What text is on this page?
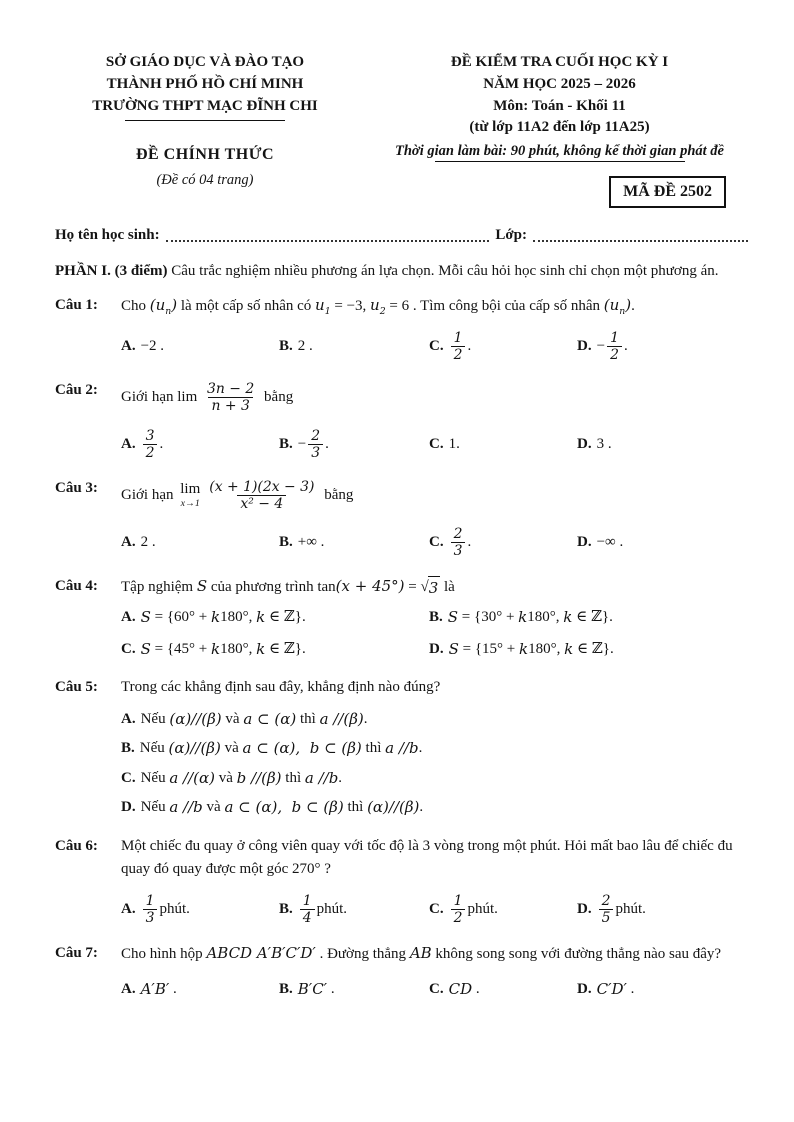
SỞ GIÁO DỤC VÀ ĐÀO TẠO
THÀNH PHỐ HỒ CHÍ MINH
TRƯỜNG THPT MẠC ĐĨNH CHI
ĐỀ CHÍNH THỨC
(Đề có 04 trang)
ĐỀ KIỂM TRA CUỐI HỌC KỲ I
NĂM HỌC 2025 – 2026
Môn: Toán - Khối 11
(từ lớp 11A2 đến lớp 11A25)
Thời gian làm bài: 90 phút, không kể thời gian phát đề
MÃ ĐỀ 2502
Họ tên học sinh:	Lớp:

PHẦN I. (3 điểm) Câu trắc nghiệm nhiều phương án lựa chọn. Mỗi câu hỏi học sinh chỉ chọn một phương án.

Câu 1: Cho $(u_n)$ là một cấp số nhân có $u_1 = -3$, $u_2 = 6$ . Tìm công bội của cấp số nhân $(u_n)$.
A. −2 .	B. 2 .	C. $\frac{1}{2}$ .	D. − $\frac{1}{2}$ .
Câu 2: Giới hạn $\lim \frac{3n - 2}{n + 3}$ bằng
A. $\frac{3}{2}$ .	B. − $\frac{2}{3}$ .	C. 1.	D. 3 .
Câu 3: Giới hạn lim
$x\to 1 \frac{(x + 1)(2x - 3)}{\text{x² − 4}}$ bằng
A. 2 .	B. +∞ .	C. $\frac{2}{3}$ .	D. −∞ .
Câu 4: Tập nghiệm S của phương trình tan(x + 45°) = √ 3 là
A. S = {60° + k 180°, k ∈ ℤ}.	B. S = {30° + k 180°, k ∈ ℤ}.
C. S = {45° + k 180°, k ∈ ℤ}.	D. S = {15° + k 180°, k ∈ ℤ}.
Câu 5: Trong các khẳng định sau đây, khẳng định nào đúng?
A. Nếu (α)//(β) và a ⊂ (α) thì a //(β) .
B. Nếu (α)//(β) và a ⊂ (α),  b ⊂ (β) thì a //b .
C. Nếu a //(α) và b //(β) thì a //b .
D. Nếu a //b và a ⊂ (α),  b ⊂ (β) thì (α)//(β) .
Câu 6: Một chiếc đu quay ở công viên quay với tốc độ là 3 vòng trong một phút. Hỏi mất bao lâu để chiếc đu quay đó quay được một góc 270° ?
A. $\frac{1}{3}$ phút.	B. $\frac{1}{4}$ phút.	C. $\frac{1}{2}$ phút.	D. $\frac{2}{5}$ phút.
Câu 7: Cho hình hộp ABCD A′B′C′D′ . Đường thẳng AB không song song với đường thẳng nào sau đây?
A. A′B′ .	B. B′C′ .	C. CD .	D. C′D′ .
